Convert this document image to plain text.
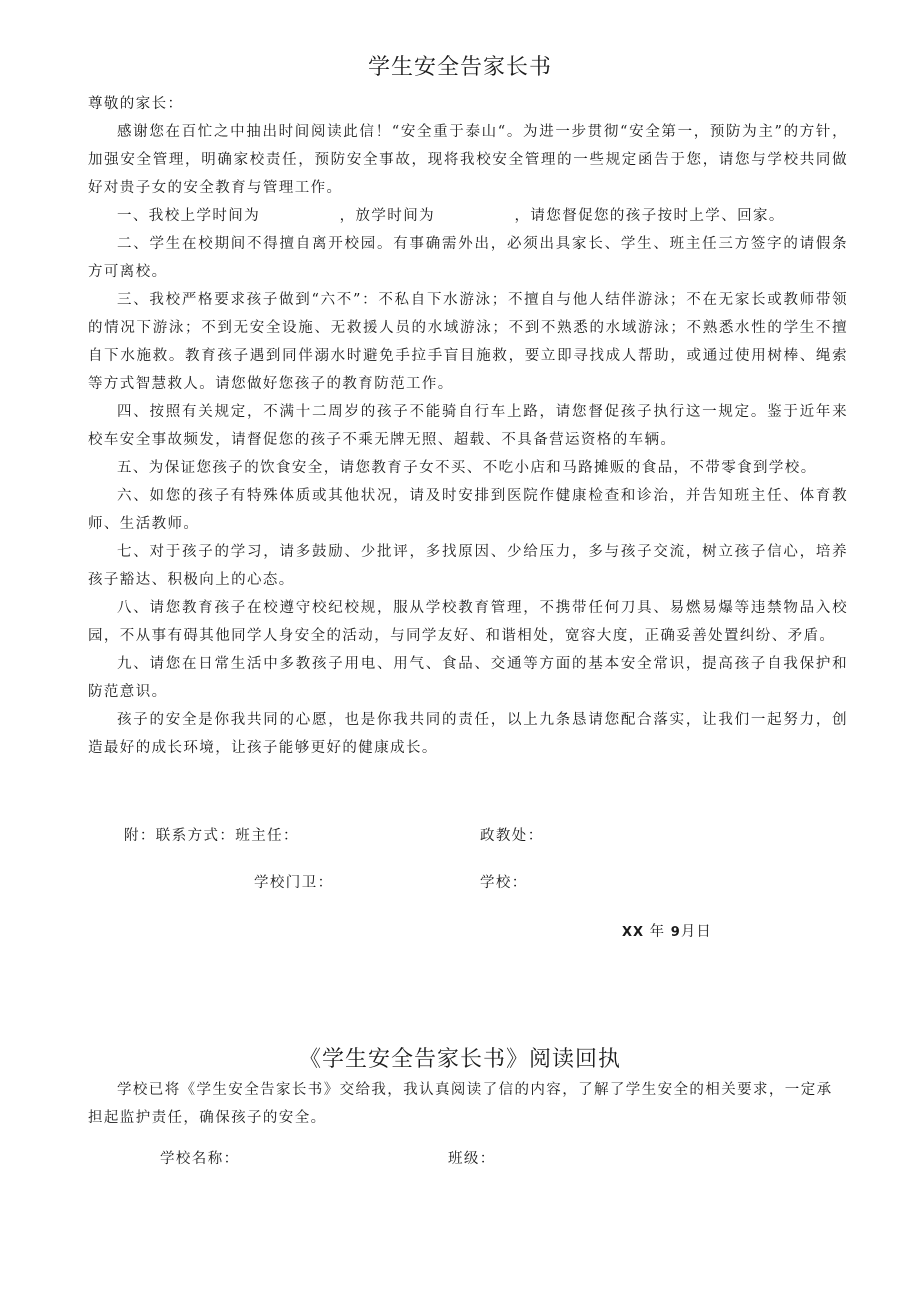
学生安全告家长书

尊敬的家长：

感谢您在百忙之中抽出时间阅读此信！“安全重于泰山“。为进一步贯彻“安全第一，预防为主”的方针，加强安全管理，明确家校责任，预防安全事故，现将我校安全管理的一些规定函告于您，请您与学校共同做好对贵子女的安全教育与管理工作。

一、我校上学时间为　　　　　，放学时间为　　　　　，请您督促您的孩子按时上学、回家。

二、学生在校期间不得擅自离开校园。有事确需外出，必须出具家长、学生、班主任三方签字的请假条方可离校。

三、我校严格要求孩子做到“六不”：不私自下水游泳；不擅自与他人结伴游泳；不在无家长或教师带领的情况下游泳；不到无安全设施、无救援人员的水域游泳；不到不熟悉的水域游泳；不熟悉水性的学生不擅自下水施救。教育孩子遇到同伴溺水时避免手拉手盲目施救，要立即寻找成人帮助，或通过使用树棒、绳索等方式智慧救人。请您做好您孩子的教育防范工作。

四、按照有关规定，不满十二周岁的孩子不能骑自行车上路，请您督促孩子执行这一规定。鉴于近年来校车安全事故频发，请督促您的孩子不乘无牌无照、超载、不具备营运资格的车辆。

五、为保证您孩子的饮食安全，请您教育子女不买、不吃小店和马路摊贩的食品，不带零食到学校。

六、如您的孩子有特殊体质或其他状况，请及时安排到医院作健康检查和诊治，并告知班主任、体育教师、生活教师。

七、对于孩子的学习，请多鼓励、少批评，多找原因、少给压力，多与孩子交流，树立孩子信心，培养孩子豁达、积极向上的心态。

八、请您教育孩子在校遵守校纪校规，服从学校教育管理，不携带任何刀具、易燃易爆等违禁物品入校园，不从事有碍其他同学人身安全的活动，与同学友好、和谐相处，宽容大度，正确妥善处置纠纷、矛盾。

九、请您在日常生活中多教孩子用电、用气、食品、交通等方面的基本安全常识，提高孩子自我保护和防范意识。

孩子的安全是你我共同的心愿，也是你我共同的责任，以上九条恳请您配合落实，让我们一起努力，创造最好的成长环境，让孩子能够更好的健康成长。

附：联系方式：班主任：	政教处：
学校门卫：	学校：
XX 年 9月日
《学生安全告家长书》阅读回执

学校已将《学生安全告家长书》交给我，我认真阅读了信的内容，了解了学生安全的相关要求，一定承担起监护责任，确保孩子的安全。

学校名称：	班级：
